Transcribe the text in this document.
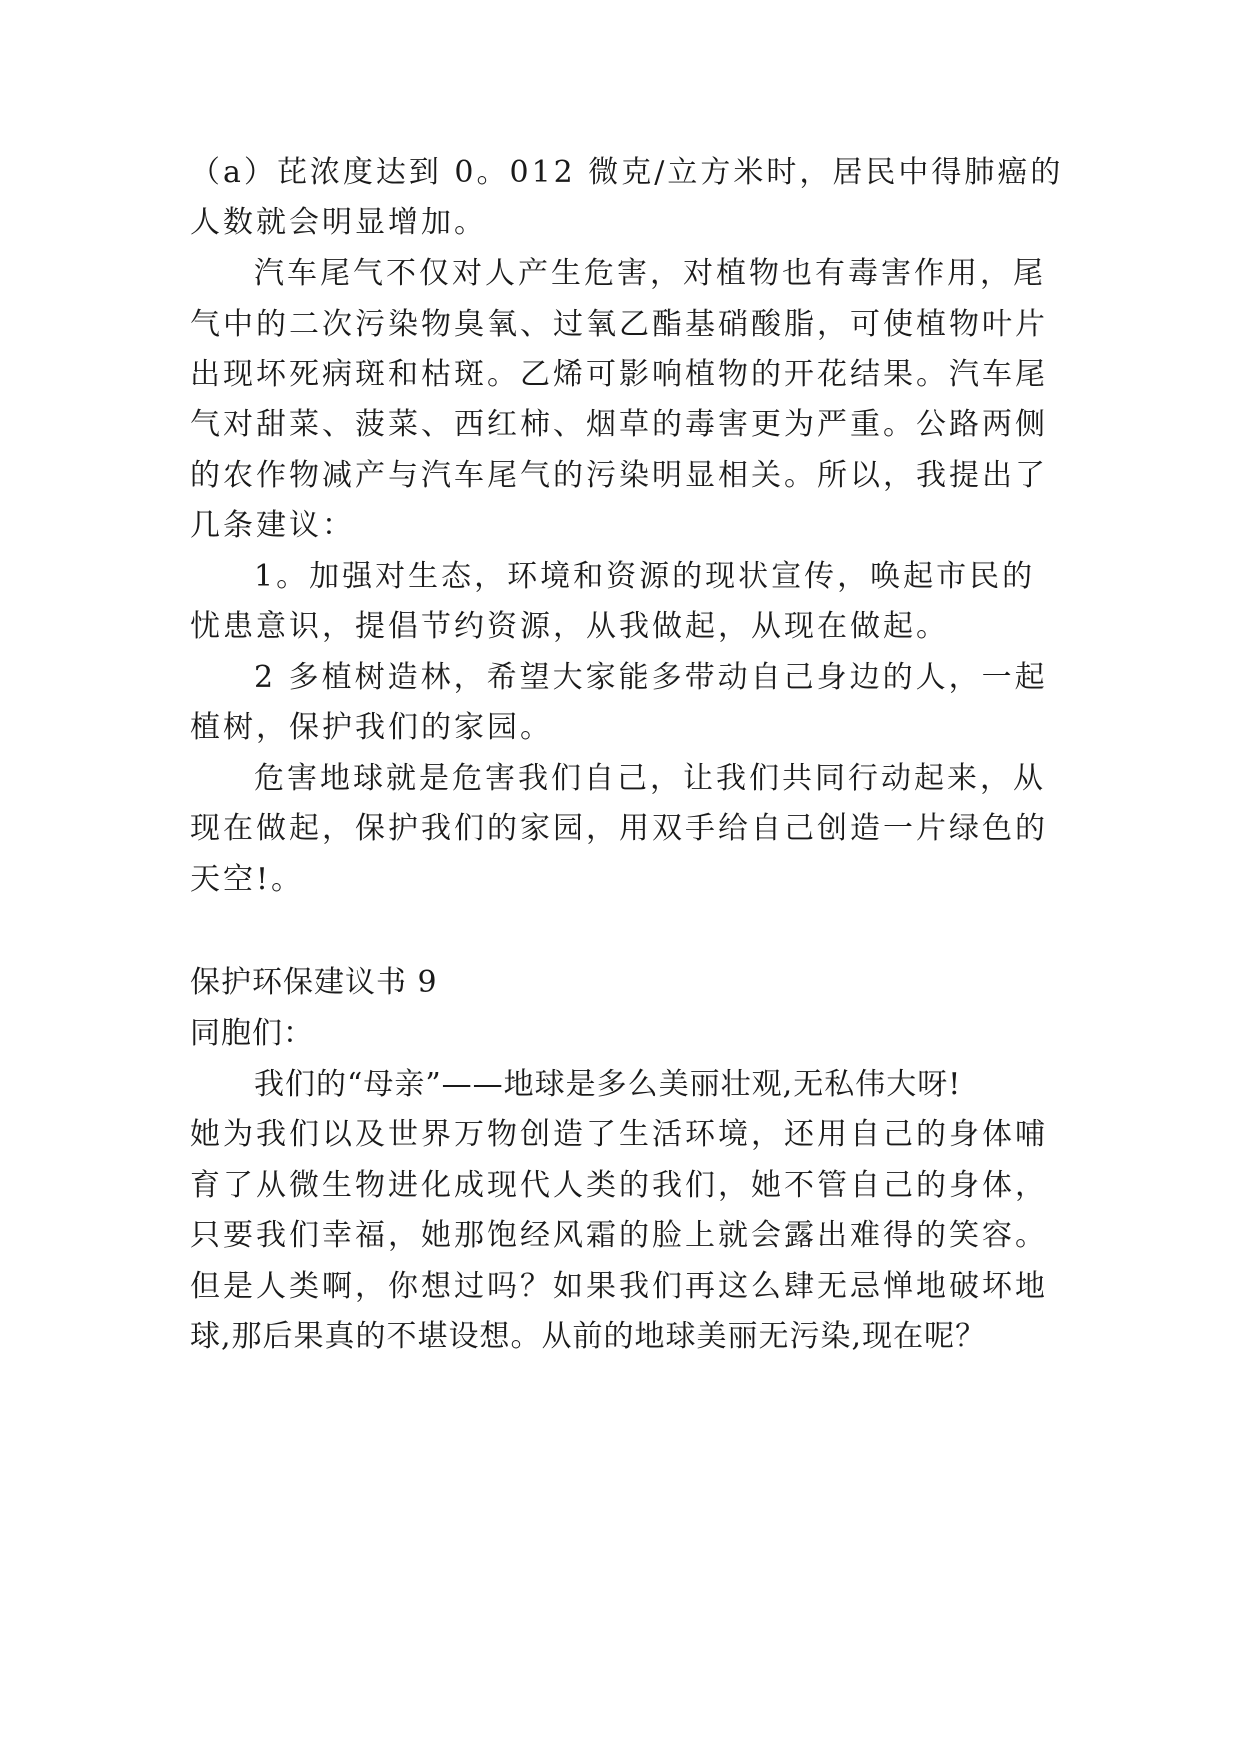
（a）芘浓度达到 0。012 微克/立方米时，居民中得肺癌的
人数就会明显增加。
汽车尾气不仅对人产生危害，对植物也有毒害作用，尾
气中的二次污染物臭氧、过氧乙酯基硝酸脂，可使植物叶片
出现坏死病斑和枯斑。乙烯可影响植物的开花结果。汽车尾
气对甜菜、菠菜、西红柿、烟草的毒害更为严重。公路两侧
的农作物减产与汽车尾气的污染明显相关。所以，我提出了
几条建议：
1。加强对生态，环境和资源的现状宣传，唤起市民的
忧患意识，提倡节约资源，从我做起，从现在做起。
2 多植树造林，希望大家能多带动自己身边的人，一起
植树，保护我们的家园。
危害地球就是危害我们自己，让我们共同行动起来，从
现在做起，保护我们的家园，用双手给自己创造一片绿色的
天空!。
保护环保建议书 9
同胞们：
我们的“母亲”——地球是多么美丽壮观,无私伟大呀!
她为我们以及世界万物创造了生活环境，还用自己的身体哺
育了从微生物进化成现代人类的我们，她不管自己的身体，
只要我们幸福，她那饱经风霜的脸上就会露出难得的笑容。
但是人类啊，你想过吗？如果我们再这么肆无忌惮地破坏地
球,那后果真的不堪设想。从前的地球美丽无污染,现在呢？
